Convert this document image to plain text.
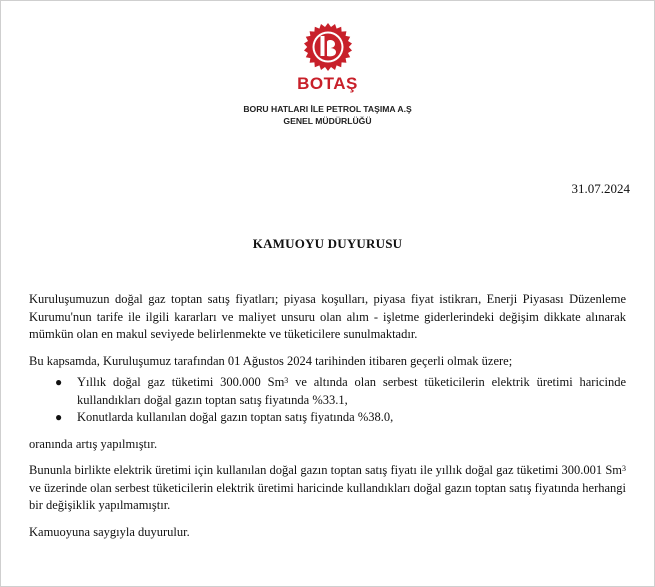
BOTAŞ
BORU HATLARI İLE PETROL TAŞIMA A.Ş
GENEL MÜDÜRLÜĞÜ
31.07.2024
KAMUOYU DUYURUSU

Kuruluşumuzun doğal gaz toptan satış fiyatları; piyasa koşulları, piyasa fiyat istikrarı, Enerji Piyasası Düzenleme Kurumu'nun tarife ile ilgili kararları ve maliyet unsuru olan alım - işletme giderlerindeki değişim dikkate alınarak mümkün olan en makul seviyede belirlenmekte ve tüketicilere sunulmaktadır.

Bu kapsamda, Kuruluşumuz tarafından 01 Ağustos 2024 tarihinden itibaren geçerli olmak üzere;

● Yıllık doğal gaz tüketimi 300.000 Sm$^3$ ve altında olan serbest tüketicilerin elektrik üretimi haricinde kullandıkları doğal gazın toptan satış fiyatında %33.1,
● Konutlarda kullanılan doğal gazın toptan satış fiyatında %38.0,

oranında artış yapılmıştır.

Bununla birlikte elektrik üretimi için kullanılan doğal gazın toptan satış fiyatı ile yıllık doğal gaz tüketimi 300.001 Sm$^3$ ve üzerinde olan serbest tüketicilerin elektrik üretimi haricinde kullandıkları doğal gazın toptan satış fiyatında herhangi bir değişiklik yapılmamıştır.

Kamuoyuna saygıyla duyurulur.
